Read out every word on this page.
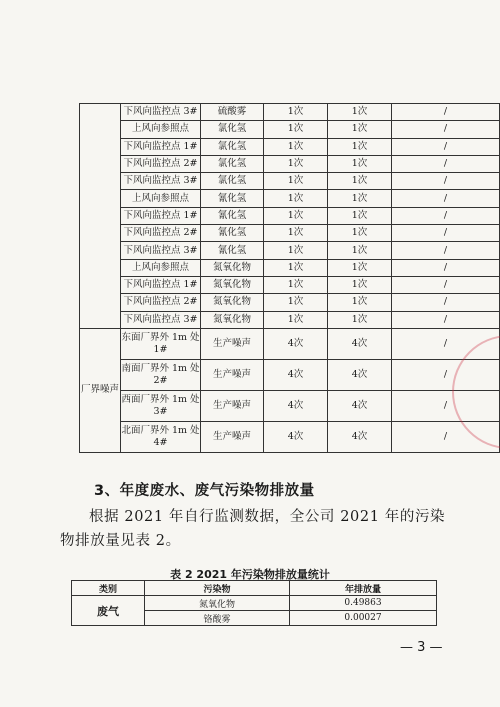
	下风向监控点 3#	硫酸雾	1次	1次	/
	上风向参照点	氯化氢	1次	1次	/
	下风向监控点 1#	氯化氢	1次	1次	/
	下风向监控点 2#	氯化氢	1次	1次	/
	下风向监控点 3#	氯化氢	1次	1次	/
	上风向参照点	氰化氢	1次	1次	/
	下风向监控点 1#	氰化氢	1次	1次	/
	下风向监控点 2#	氰化氢	1次	1次	/
	下风向监控点 3#	氰化氢	1次	1次	/
	上风向参照点	氮氧化物	1次	1次	/
	下风向监控点 1#	氮氧化物	1次	1次	/
	下风向监控点 2#	氮氧化物	1次	1次	/
	下风向监控点 3#	氮氧化物	1次	1次	/
厂界噪声	东面厂界外 1m 处1#	生产噪声	4次	4次	/
	南面厂界外 1m 处2#	生产噪声	4次	4次	/
	西面厂界外 1m 处3#	生产噪声	4次	4次	/
	北面厂界外 1m 处4#	生产噪声	4次	4次	/
3、年度废水、废气污染物排放量
根据 2021 年自行监测数据，全公司 2021 年的污染物排放量见表 2。
表 2 2021 年污染物排放量统计
类别	污染物	年排放量
废气	氮氧化物	0.49863
	铬酸雾	0.00027
— 3 —
